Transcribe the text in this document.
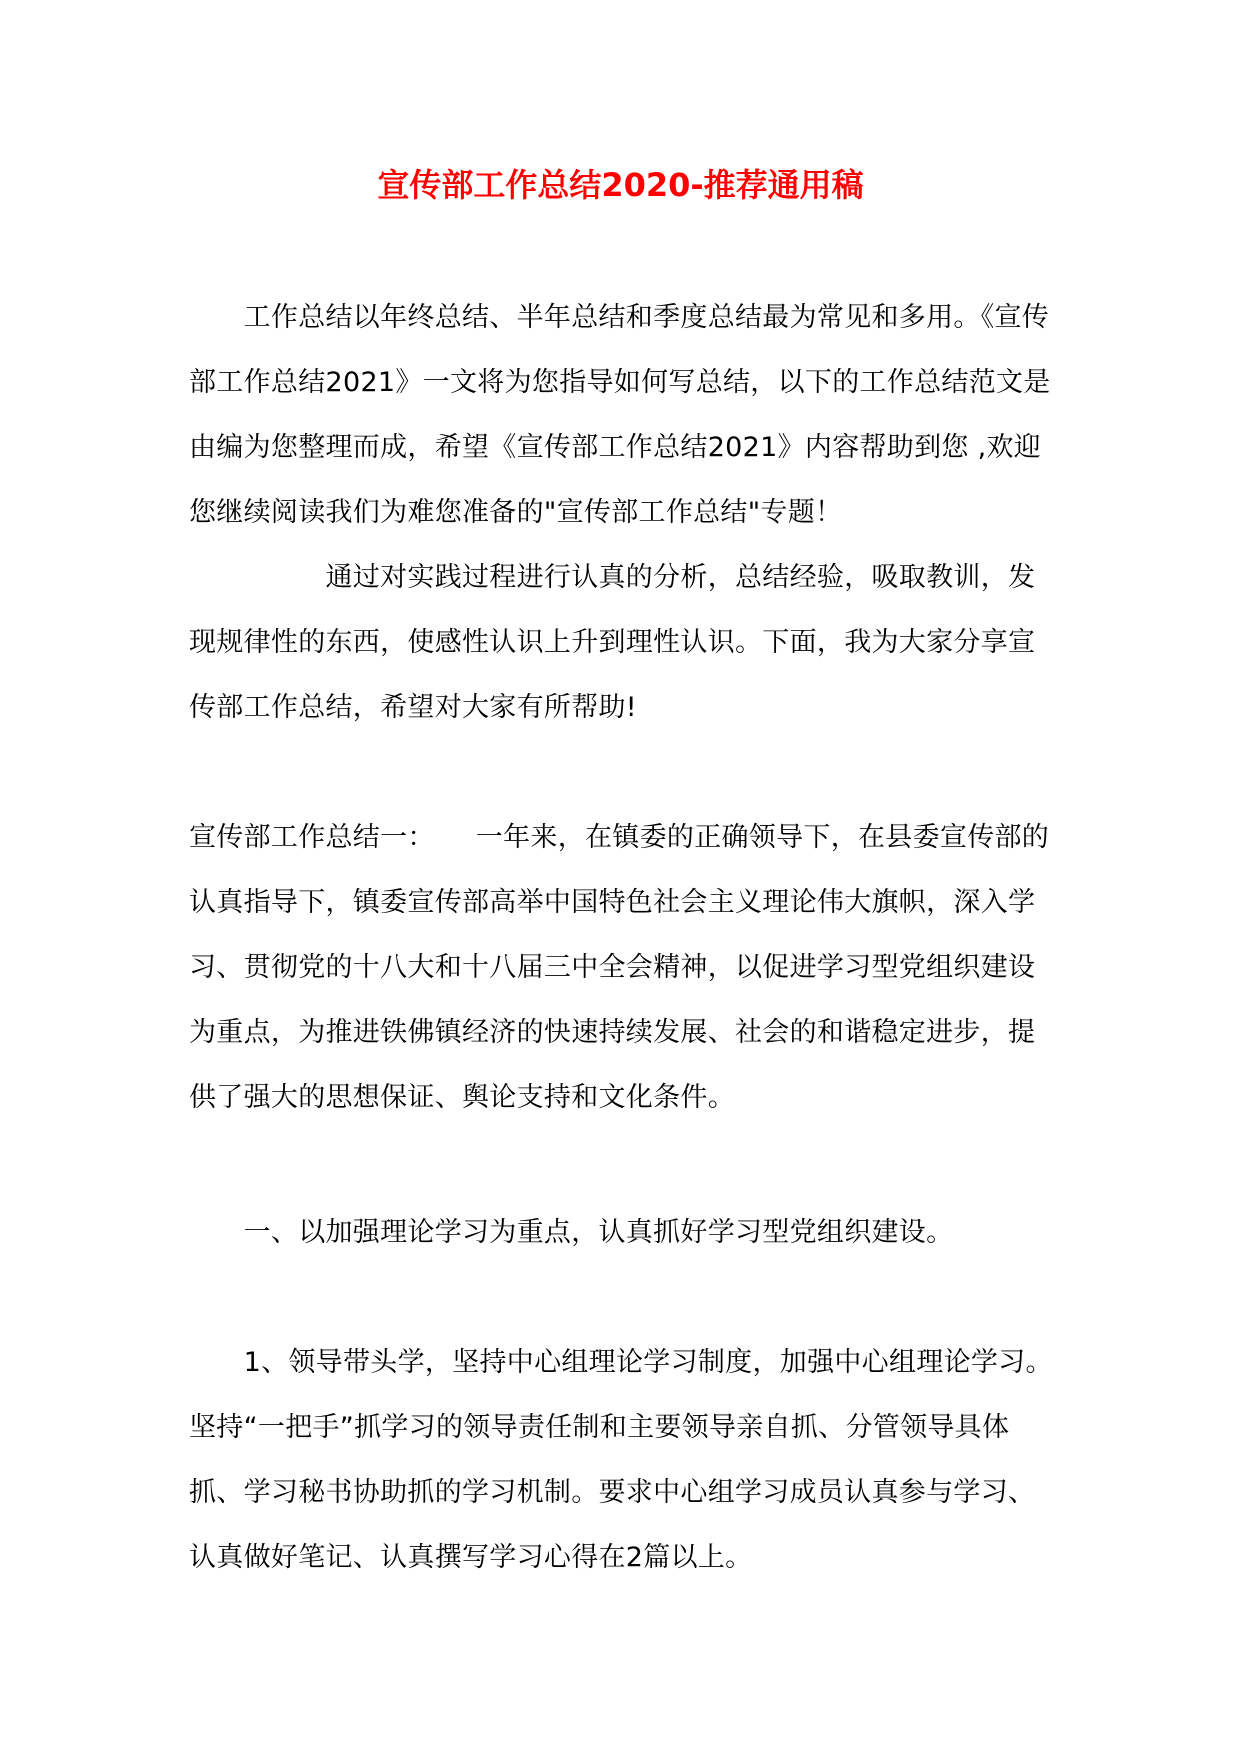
宣传部工作总结2020-推荐通用稿

　　工作总结以年终总结、半年总结和季度总结最为常见和多用。《宣传部工作总结2021》一文将为您指导如何写总结，以下的工作总结范文是由编为您整理而成，希望《宣传部工作总结2021》内容帮助到您 ,欢迎您继续阅读我们为难您准备的"宣传部工作总结"专题！

　　　　　通过对实践过程进行认真的分析，总结经验，吸取教训，发现规律性的东西，使感性认识上升到理性认识。下面，我为大家分享宣传部工作总结，希望对大家有所帮助!

宣传部工作总结一：　　一年来，在镇委的正确领导下，在县委宣传部的认真指导下，镇委宣传部高举中国特色社会主义理论伟大旗帜，深入学习、贯彻党的十八大和十八届三中全会精神，以促进学习型党组织建设为重点，为推进铁佛镇经济的快速持续发展、社会的和谐稳定进步，提供了强大的思想保证、舆论支持和文化条件。

　　一、以加强理论学习为重点，认真抓好学习型党组织建设。

　　1、领导带头学，坚持中心组理论学习制度，加强中心组理论学习。坚持“一把手”抓学习的领导责任制和主要领导亲自抓、分管领导具体抓、学习秘书协助抓的学习机制。要求中心组学习成员认真参与学习、认真做好笔记、认真撰写学习心得在2篇以上。
